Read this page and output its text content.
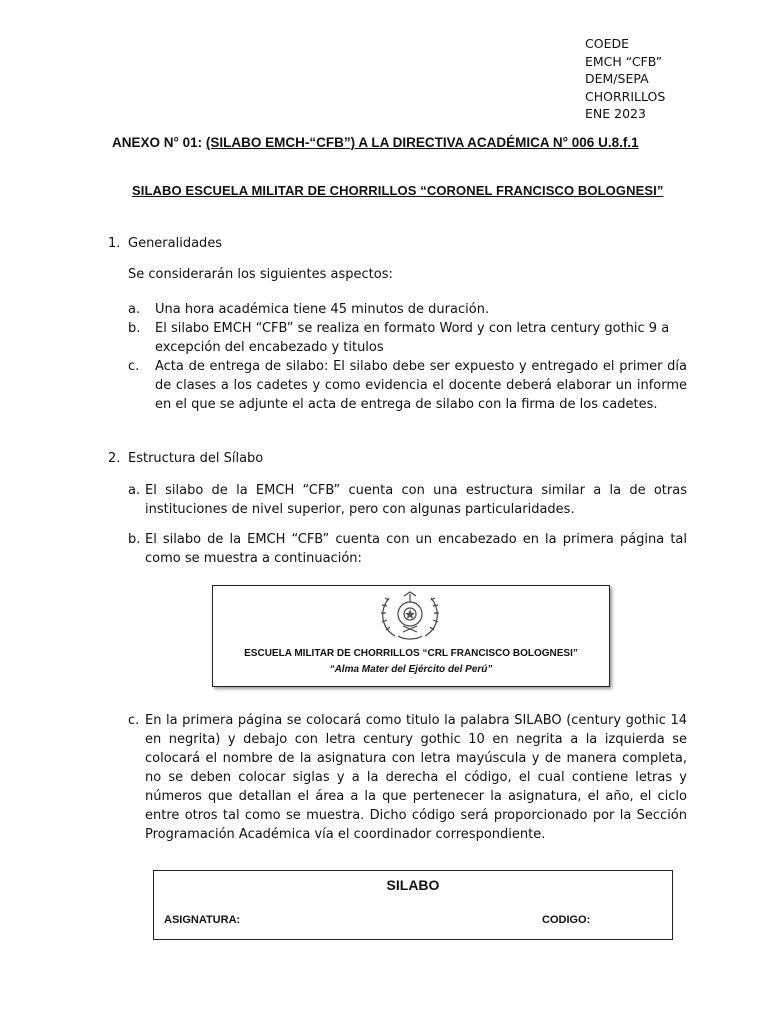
COEDE
EMCH “CFB”
DEM/SEPA
CHORRILLOS
ENE 2023
ANEXO N° 01: (SILABO EMCH-“CFB”) A LA DIRECTIVA ACADÉMICA N° 006 U.8.f.1
SILABO ESCUELA MILITAR DE CHORRILLOS “CORONEL FRANCISCO BOLOGNESI”
1. Generalidades
Se considerarán los siguientes aspectos:
a. Una hora académica tiene 45 minutos de duración.
b. El silabo EMCH “CFB” se realiza en formato Word y con letra century gothic 9 a excepción del encabezado y titulos
c. Acta de entrega de silabo: El silabo debe ser expuesto y entregado el primer día de clases a los cadetes y como evidencia el docente deberá elaborar un informe en el que se adjunte el acta de entrega de silabo con la firma de los cadetes.
2. Estructura del Sílabo
a. El silabo de la EMCH “CFB” cuenta con una estructura similar a la de otras instituciones de nivel superior, pero con algunas particularidades.
b. El silabo de la EMCH “CFB” cuenta con un encabezado en la primera página tal como se muestra a continuación:
ESCUELA MILITAR DE CHORRILLOS “CRL FRANCISCO BOLOGNESI”
“Alma Mater del Ejército del Perú”
c. En la primera página se colocará como titulo la palabra SILABO (century gothic 14 en negrita) y debajo con letra century gothic 10 en negrita a la izquierda se colocará el nombre de la asignatura con letra mayúscula y de manera completa, no se deben colocar siglas y a la derecha el código, el cual contiene letras y números que detallan el área a la que pertenecer la asignatura, el año, el ciclo entre otros tal como se muestra. Dicho código será proporcionado por la Sección Programación Académica vía el coordinador correspondiente.
SILABO
ASIGNATURA:	CODIGO:
